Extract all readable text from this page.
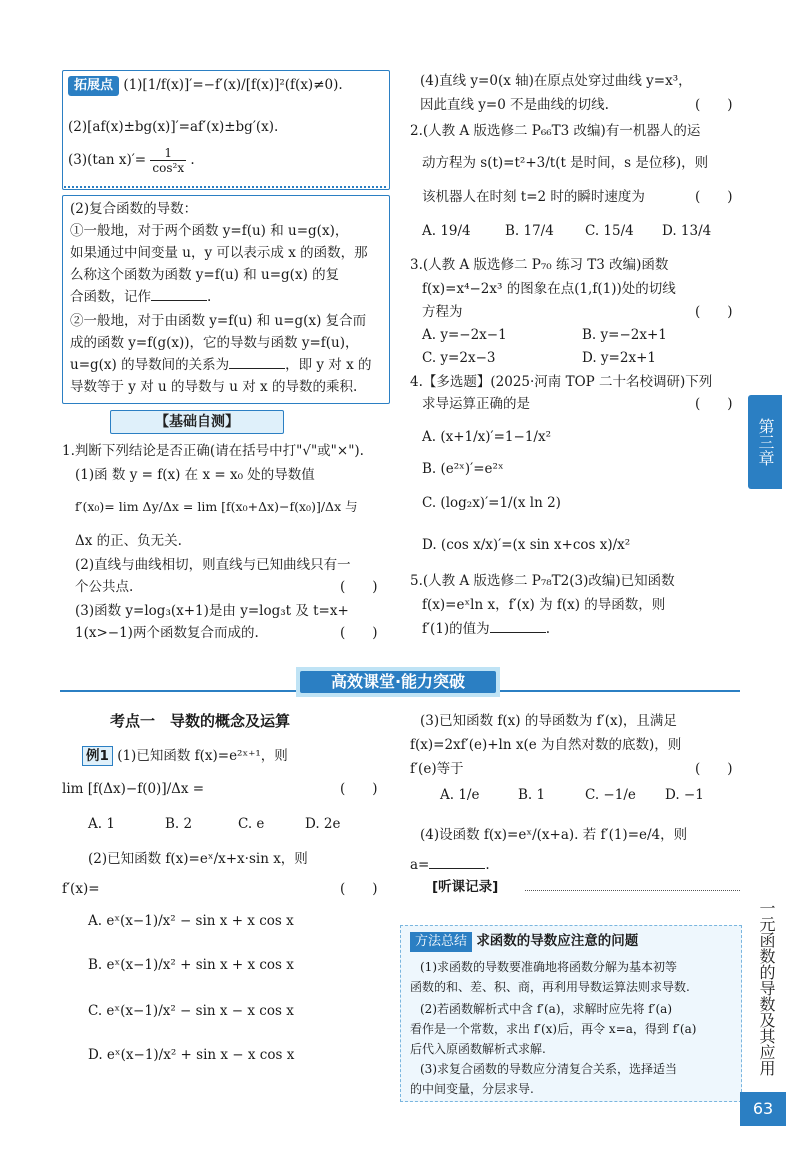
拓展点 (1)[1/f(x)]′=−f′(x)/[f(x)]²(f(x)≠0).
(2)[af(x)±bg(x)]′=af′(x)±bg′(x).
(3)(tan $x)'= \frac{1}{\text{cos²x}}$ .
(2)复合函数的导数：
①一般地，对于两个函数 y=f(u) 和 u=g(x)，
如果通过中间变量 u，y 可以表示成 x 的函数，那
么称这个函数为函数 y=f(u) 和 u=g(x) 的复
合函数，记作	.
②一般地，对于由函数 y=f(u) 和 u=g(x) 复合而
成的函数 y=f(g(x))，它的导数与函数 y=f(u)，
u=g(x) 的导数间的关系为	，即 y 对 x 的
导数等于 y 对 u 的导数与 u 对 x 的导数的乘积.
【基础自测】
1.判断下列结论是否正确(请在括号中打"√"或"×").
(1)函 数 y = f(x) 在 x = x₀ 处的导数值
f′(x₀)= lim Δy/Δx = lim [f(x₀+Δx)−f(x₀)]/Δx 与
Δx 的正、负无关.
(2)直线与曲线相切，则直线与已知曲线只有一
个公共点.	(　　)
(3)函数 y=log₃(x+1)是由 y=log₃t 及 t=x+
1(x>−1)两个函数复合而成的.	(　　)
(4)直线 y=0(x 轴)在原点处穿过曲线 y=x³，
因此直线 y=0 不是曲线的切线.	(　　)
2.(人教 A 版选修二 P₆₆T3 改编)有一机器人的运
动方程为 s(t)=t²+3/t(t 是时间，s 是位移)，则
该机器人在时刻 t=2 时的瞬时速度为	(　　)
A. 19/4	B. 17/4 C. 15/4 D. 13/4
3.(人教 A 版选修二 P₇₀ 练习 T3 改编)函数
f(x)=x⁴−2x³ 的图象在点(1,f(1))处的切线
方程为	(　　)
A. y=−2x−1	B. y=−2x+1
C. y=2x−3	D. y=2x+1
4.【多选题】(2025·河南 TOP 二十名校调研)下列
求导运算正确的是	(　　)
A. (x+1/x)′=1−1/x²
B. (e²ˣ)′=e²ˣ
C. (log₂x)′=1/(x ln 2)
D. (cos x/x)′=(x sin x+cos x)/x²
5.(人教 A 版选修二 P₇₈T2(3)改编)已知函数
f(x)=eˣln x，f′(x) 为 f(x) 的导函数，则
f′(1)的值为	.
高效课堂·能力突破
考点一　导数的概念及运算
例1 (1)已知函数 f(x)=e²ˣ⁺¹，则
lim [f(Δx)−f(0)]/Δx =	(　　)
A. 1	B. 2	C. e	D. 2e
(2)已知函数 f(x)=eˣ/x+x·sin x，则
f′(x)=	(　　)
A. eˣ(x−1)/x² − sin x + x cos x
B. eˣ(x−1)/x² + sin x + x cos x
C. eˣ(x−1)/x² − sin x − x cos x
D. eˣ(x−1)/x² + sin x − x cos x
(3)已知函数 f(x) 的导函数为 f′(x)，且满足
f(x)=2xf′(e)+ln x(e 为自然对数的底数)，则
f′(e)等于	(　　)
A. 1/e	B. 1	C. −1/e D. −1
(4)设函数 f(x)=eˣ/(x+a). 若 f′(1)=e/4，则
a=	.
[听课记录]
方法总结 求函数的导数应注意的问题
(1)求函数的导数要准确地将函数分解为基本初等
函数的和、差、积、商，再利用导数运算法则求导数.
(2)若函数解析式中含 f′(a)，求解时应先将 f′(a)
看作是一个常数，求出 f′(x)后，再令 x=a，得到 f′(a)
后代入原函数解析式求解.
(3)求复合函数的导数应分清复合关系，选择适当
的中间变量，分层求导.
第三章
一元函数的导数及其应用
63
